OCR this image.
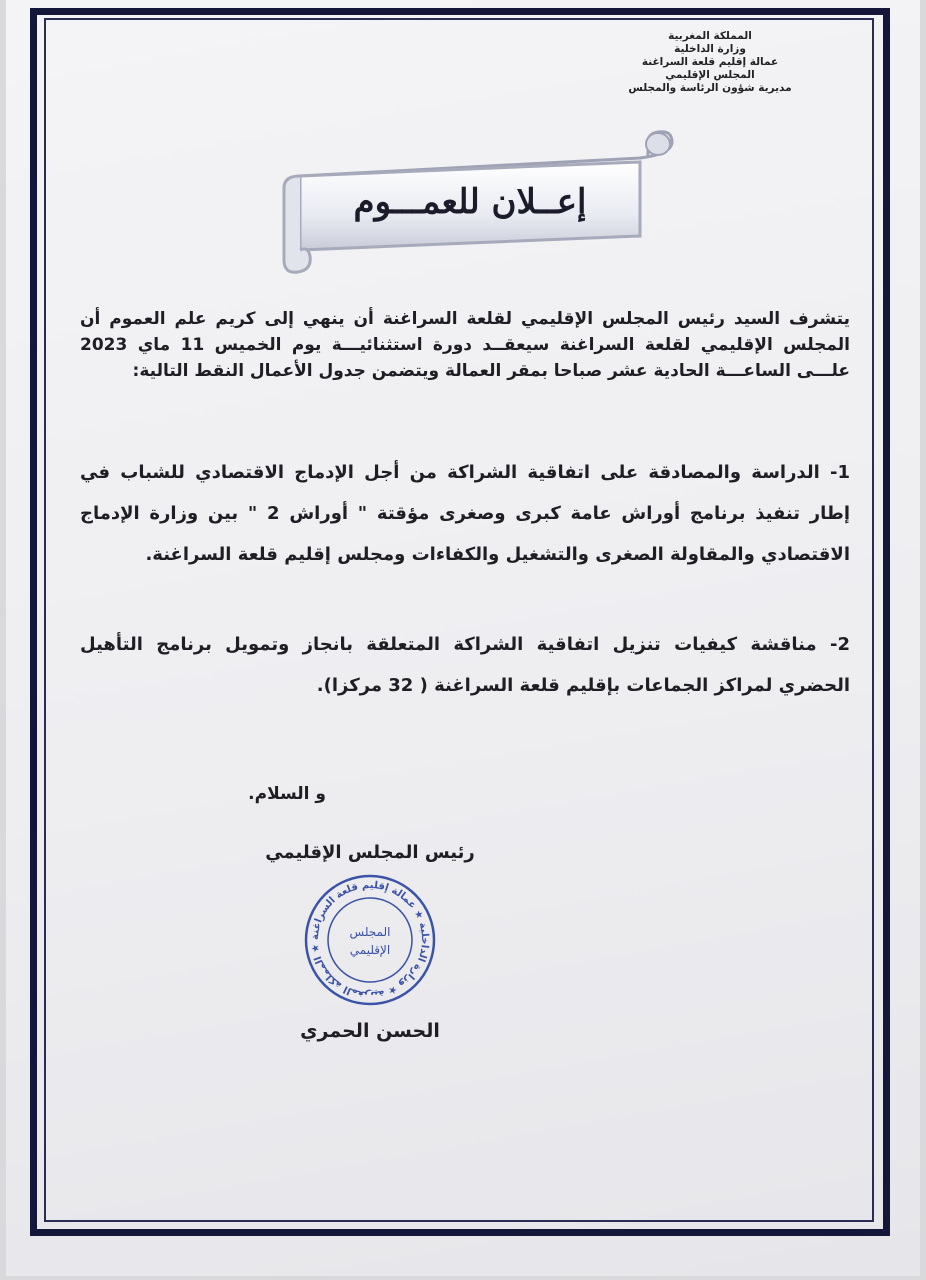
المملكة المغربية
وزارة الداخلية
عمالة إقليم قلعة السراغنة
المجلس الإقليمي
مديرية شؤون الرئاسة والمجلس
إعــلان للعمـــوم
يتشرف السيد رئيس المجلس الإقليمي لقلعة السراغنة أن ينهي إلى كريم علم العموم أن المجلس الإقليمي لقلعة السراغنة سيعقــد دورة استثنائيـــة يوم الخميس 11 ماي 2023 علـــى الساعـــة الحادية عشر صباحا بمقر العمالة ويتضمن جدول الأعمال النقط التالية:
1- الدراسة والمصادقة على اتفاقية الشراكة من أجل الإدماج الاقتصادي للشباب في إطار تنفيذ برنامج أوراش عامة كبرى وصغرى مؤقتة " أوراش 2 " بين وزارة الإدماج الاقتصادي والمقاولة الصغرى والتشغيل والكفاءات ومجلس إقليم قلعة السراغنة.
2- مناقشة كيفيات تنزيل اتفاقية الشراكة المتعلقة بانجاز وتمويل برنامج التأهيل الحضري لمراكز الجماعات بإقليم قلعة السراغنة ( 32 مركزا).
و السلام.
رئيس المجلس الإقليمي
المملكة المغربية ★ وزارة الداخلية ★ عمالة إقليم قلعة السراغنة ★
المجلس
الإقليمي
الحسن الحمري
